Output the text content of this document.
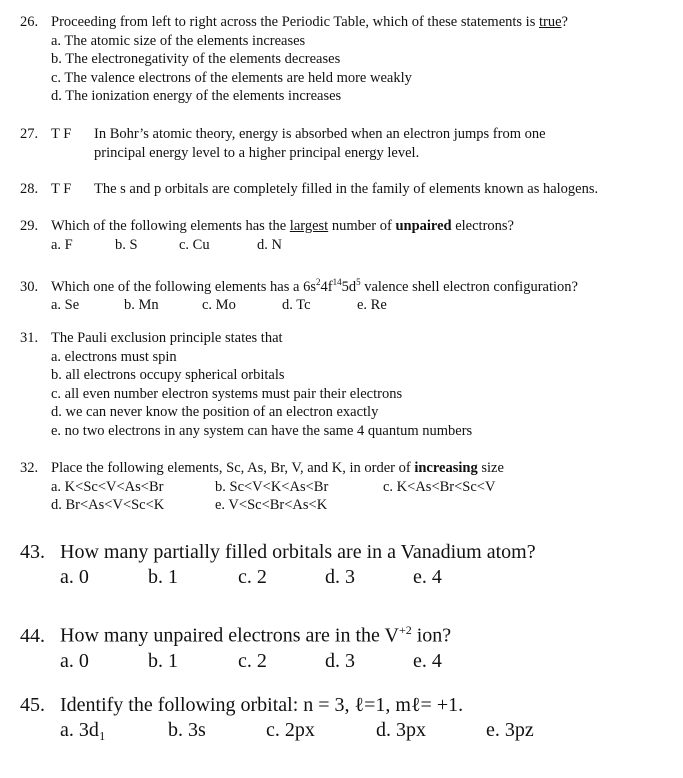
26. Proceeding from left to right across the Periodic Table, which of these statements is true?
a. The atomic size of the elements increases
b. The electronegativity of the elements decreases
c. The valence electrons of the elements are held more weakly
d. The ionization energy of the elements increases
27. T F In Bohr’s atomic theory, energy is absorbed when an electron jumps from one
principal energy level to a higher principal energy level.
28. T F The s and p orbitals are completely filled in the family of elements known as halogens.
29. Which of the following elements has the largest number of unpaired electrons?
a. F	b. S	c. Cu	d. N
30. Which one of the following elements has a $6s^24f^{14}5d^5$ valence shell electron configuration?
a. Se	b. Mn	c. Mo	d. Tc	e. Re
31. The Pauli exclusion principle states that
a. electrons must spin
b. all electrons occupy spherical orbitals
c. all even number electron systems must pair their electrons
d. we can never know the position of an electron exactly
e. no two electrons in any system can have the same 4 quantum numbers
32. Place the following elements, Sc, As, Br, V, and K, in order of increasing size
a. K<Sc<V<As<Br	b. Sc<V<K<As<Br	c. K<As<Br<Sc<V
d. Br<As<V<Sc<K	e. V<Sc<Br<As<K
43. How many partially filled orbitals are in a Vanadium atom?
a. 0	b. 1	c. 2	d. 3	e. 4
44. How many unpaired electrons are in the $V^{+2}$ ion?
a. 0	b. 1	c. 2	d. 3	e. 4
45. Identify the following orbital: n = 3, ℓ=1, mℓ= +1.
a. 3d₁	b. 3s	c. 2px	d. 3px	e. 3pz
